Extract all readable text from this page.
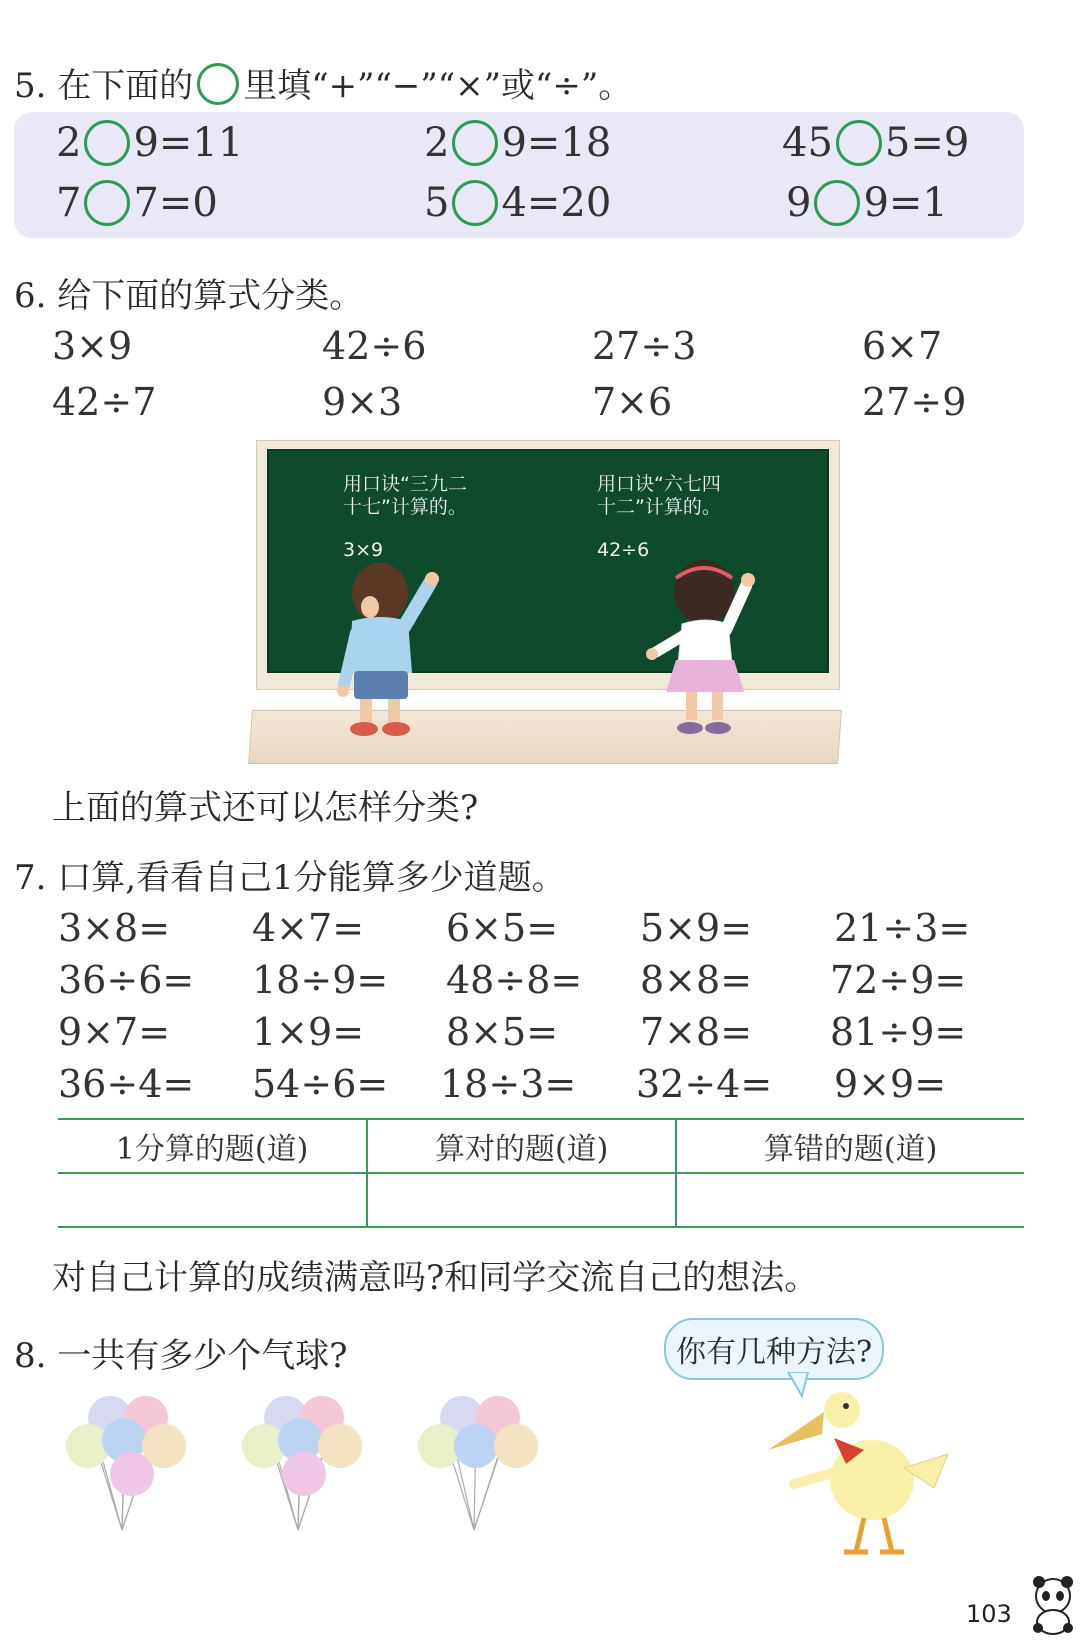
5. 在下面的 里填“+”“−”“×”或“÷”。
2 9=11	2 9=18	45 5=9
7 7=0	5 4=20	9 9=1
6. 给下面的算式分类。
3×9	42÷6	27÷3	6×7
42÷7	9×3	7×6	27÷9
用口诀“三九二
十七”计算的。
3×9
用口诀“六七四
十二”计算的。
42÷6
上面的算式还可以怎样分类?
7. 口算,看看自己1分能算多少道题。
3×8= 4×7= 6×5= 5×9= 21÷3=
36÷6= 18÷9= 48÷8= 8×8= 72÷9=
9×7= 1×9= 8×5= 7×8= 81÷9=
36÷4= 54÷6= 18÷3= 32÷4= 9×9=
1分算的题(道)	算对的题(道)	算错的题(道)

对自己计算的成绩满意吗?和同学交流自己的想法。
8. 一共有多少个气球?	你有几种方法?
103
